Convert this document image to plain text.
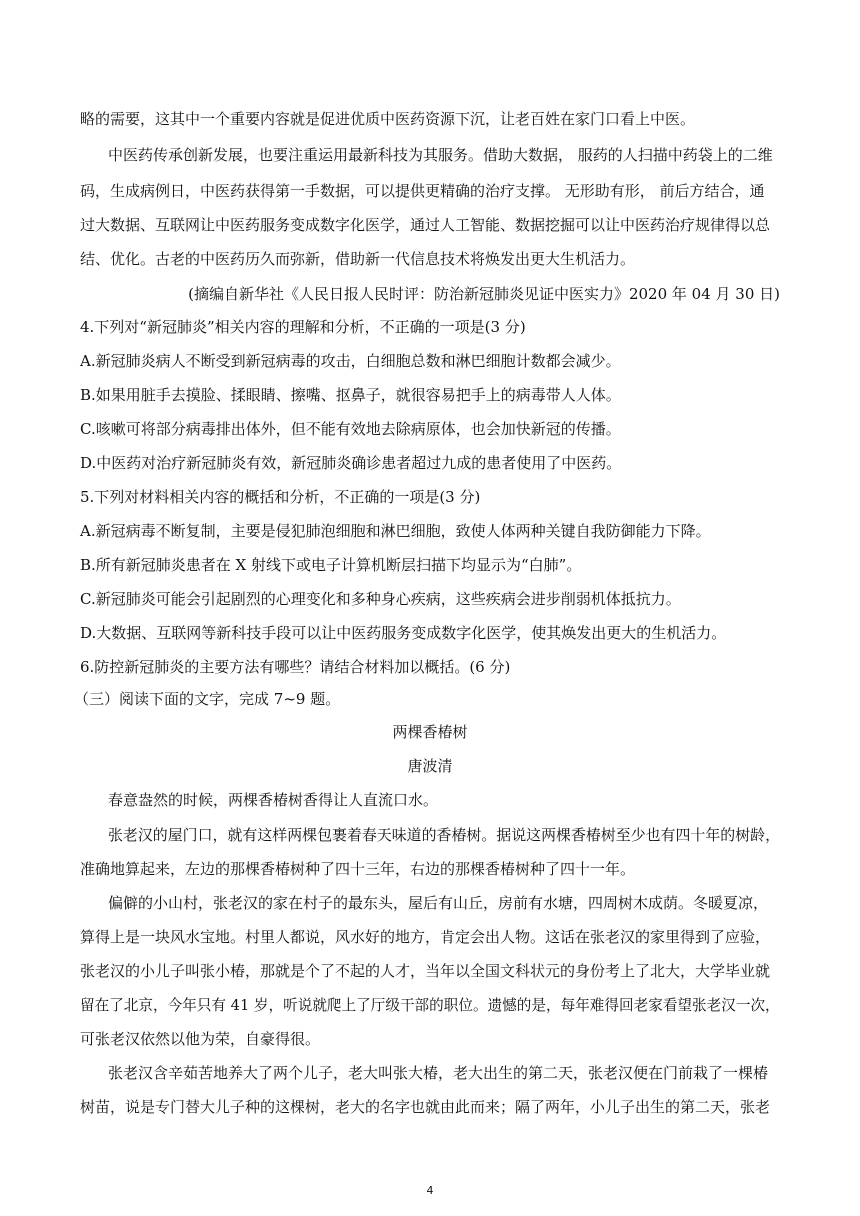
略的需要，这其中一个重要内容就是促进优质中医药资源下沉，让老百姓在家门口看上中医。
中医药传承创新发展，也要注重运用最新科技为其服务。借助大数据， 服药的人扫描中药袋上的二维
码，生成病例日，中医药获得第一手数据，可以提供更精确的治疗支撑。 无形助有形， 前后方结合，通
过大数据、互联网让中医药服务变成数字化医学，通过人工智能、数据挖掘可以让中医药治疗规律得以总
结、优化。古老的中医药历久而弥新，借助新一代信息技术将焕发出更大生机活力。
(摘编自新华社《人民日报人民时评：防治新冠肺炎见证中医实力》2020 年 04 月 30 日)
4.下列对“新冠肺炎”相关内容的理解和分析，不正确的一项是(3 分)
A.新冠肺炎病人不断受到新冠病毒的攻击，白细胞总数和淋巴细胞计数都会减少。
B.如果用脏手去摸脸、揉眼睛、擦嘴、抠鼻子，就很容易把手上的病毒带人人体。
C.咳嗽可将部分病毒排出体外，但不能有效地去除病原体，也会加快新冠的传播。
D.中医药对治疗新冠肺炎有效，新冠肺炎确诊患者超过九成的患者使用了中医药。
5.下列对材料相关内容的概括和分析，不正确的一项是(3 分)
A.新冠病毒不断复制，主要是侵犯肺泡细胞和淋巴细胞，致使人体两种关键自我防御能力下降。
B.所有新冠肺炎患者在 X 射线下或电子计算机断层扫描下均显示为“白肺”。
C.新冠肺炎可能会引起剧烈的心理变化和多种身心疾病，这些疾病会进步削弱机体抵抗力。
D.大数据、互联网等新科技手段可以让中医药服务变成数字化医学，使其焕发出更大的生机活力。
6.防控新冠肺炎的主要方法有哪些？请结合材料加以概括。(6 分)
（三）阅读下面的文字，完成 7~9 题。
两棵香椿树
唐波清
春意盎然的时候，两棵香椿树香得让人直流口水。
张老汉的屋门口，就有这样两棵包裹着春天味道的香椿树。据说这两棵香椿树至少也有四十年的树龄，
准确地算起来，左边的那棵香椿树种了四十三年，右边的那棵香椿树种了四十一年。
偏僻的小山村，张老汉的家在村子的最东头，屋后有山丘，房前有水塘，四周树木成荫。冬暖夏凉，
算得上是一块风水宝地。村里人都说，风水好的地方，肯定会出人物。这话在张老汉的家里得到了应验，
张老汉的小儿子叫张小椿，那就是个了不起的人才，当年以全国文科状元的身份考上了北大，大学毕业就
留在了北京，今年只有 41 岁，听说就爬上了厅级干部的职位。遗憾的是，每年难得回老家看望张老汉一次，
可张老汉依然以他为荣，自豪得很。
张老汉含辛茹苦地养大了两个儿子，老大叫张大椿，老大出生的第二天，张老汉便在门前栽了一棵椿
树苗，说是专门替大儿子种的这棵树，老大的名字也就由此而来；隔了两年，小儿子出生的第二天，张老
4
